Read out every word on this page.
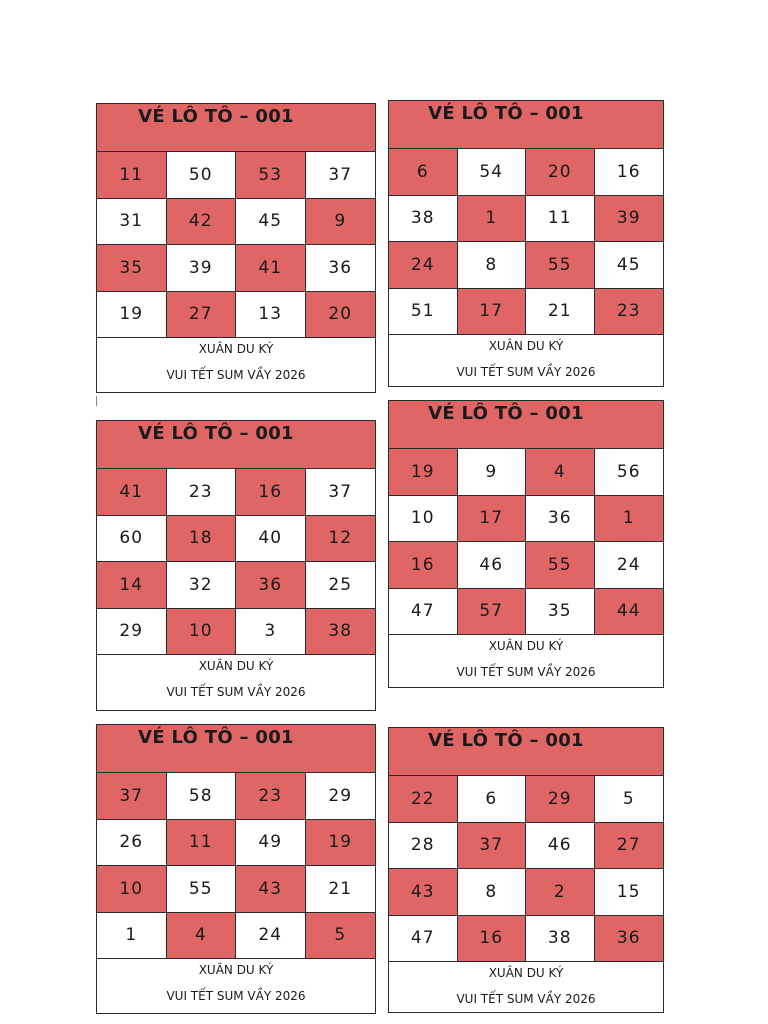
VÉ LÔ TÔ – 001
11	50	53	37
31	42	45	9
35	39	41	36
19	27	13	20
XUÂN DU KÝ
VUI TẾT SUM VẦY 2026
VÉ LÔ TÔ – 001
6	54	20	16
38	1	11	39
24	8	55	45
51	17	21	23
XUÂN DU KÝ
VUI TẾT SUM VẦY 2026
VÉ LÔ TÔ – 001
41	23	16	37
60	18	40	12
14	32	36	25
29	10	3	38
XUÂN DU KÝ
VUI TẾT SUM VẦY 2026
VÉ LÔ TÔ – 001
19	9	4	56
10	17	36	1
16	46	55	24
47	57	35	44
XUÂN DU KÝ
VUI TẾT SUM VẦY 2026
VÉ LÔ TÔ – 001
37	58	23	29
26	11	49	19
10	55	43	21
1	4	24	5
XUÂN DU KÝ
VUI TẾT SUM VẦY 2026
VÉ LÔ TÔ – 001
22	6	29	5
28	37	46	27
43	8	2	15
47	16	38	36
XUÂN DU KÝ
VUI TẾT SUM VẦY 2026
